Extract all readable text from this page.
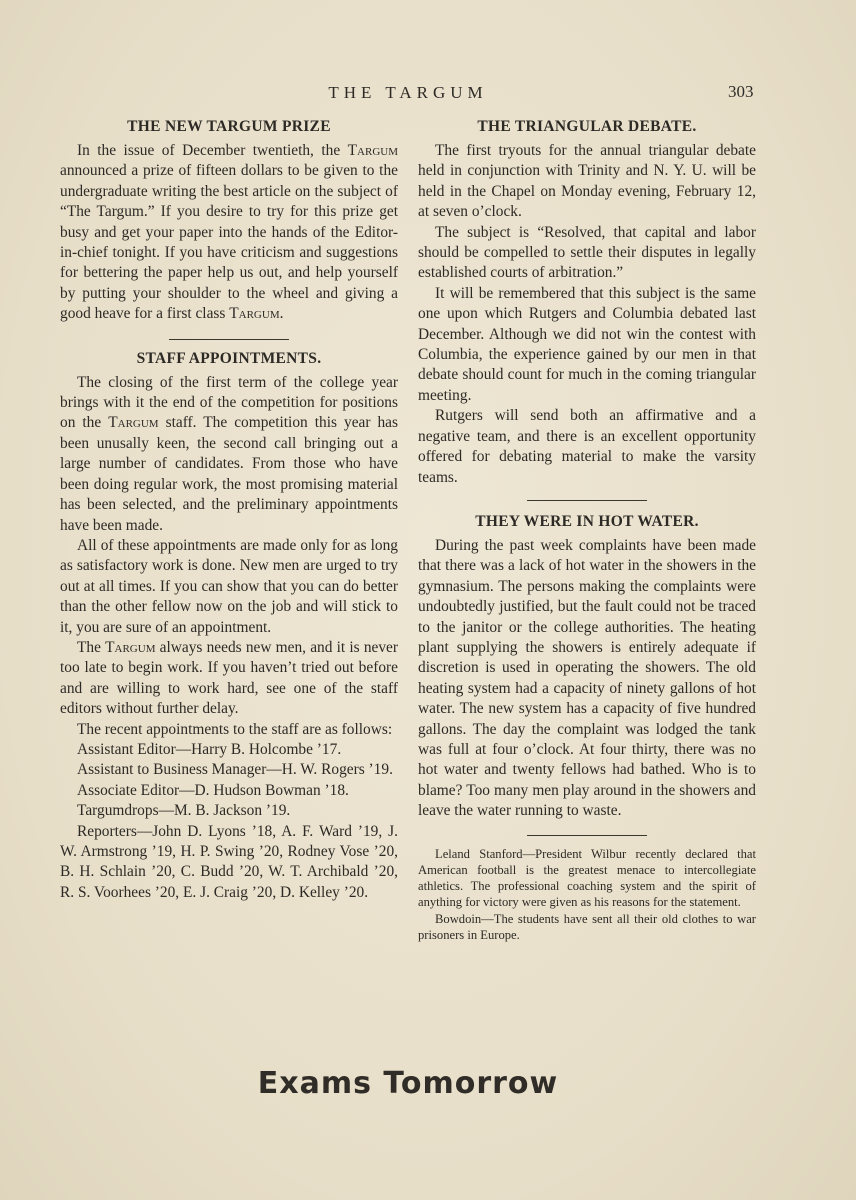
THE TARGUM	303
THE NEW TARGUM PRIZE

In the issue of December twentieth, the Targum announced a prize of fifteen dollars to be given to the undergraduate writing the best article on the subject of “The Targum.” If you desire to try for this prize get busy and get your paper into the hands of the Editor-in-chief tonight. If you have criticism and suggestions for bettering the paper help us out, and help yourself by putting your shoulder to the wheel and giving a good heave for a first class Targum.

STAFF APPOINTMENTS.

The closing of the first term of the college year brings with it the end of the competition for positions on the Targum staff. The competition this year has been unusally keen, the second call bringing out a large number of candidates. From those who have been doing regular work, the most promising material has been selected, and the preliminary appointments have been made.

All of these appointments are made only for as long as satisfactory work is done. New men are urged to try out at all times. If you can show that you can do better than the other fellow now on the job and will stick to it, you are sure of an appointment.

The Targum always needs new men, and it is never too late to begin work. If you haven’t tried out before and are willing to work hard, see one of the staff editors without further delay.

The recent appointments to the staff are as follows:

Assistant Editor—Harry B. Holcombe ’17.

Assistant to Business Manager—H. W. Rogers ’19.

Associate Editor—D. Hudson Bowman ’18.

Targumdrops—M. B. Jackson ’19.

Reporters—John D. Lyons ’18, A. F. Ward ’19, J. W. Armstrong ’19, H. P. Swing ’20, Rodney Vose ’20, B. H. Schlain ’20, C. Budd ’20, W. T. Archibald ’20, R. S. Voorhees ’20, E. J. Craig ’20, D. Kelley ’20.

THE TRIANGULAR DEBATE.

The first tryouts for the annual triangular debate held in conjunction with Trinity and N. Y. U. will be held in the Chapel on Monday evening, February 12, at seven o’clock.

The subject is “Resolved, that capital and labor should be compelled to settle their disputes in legally established courts of arbitration.”

It will be remembered that this subject is the same one upon which Rutgers and Columbia debated last December. Although we did not win the contest with Columbia, the experience gained by our men in that debate should count for much in the coming triangular meeting.

Rutgers will send both an affirmative and a negative team, and there is an excellent opportunity offered for debating material to make the varsity teams.

THEY WERE IN HOT WATER.

During the past week complaints have been made that there was a lack of hot water in the showers in the gymnasium. The persons making the complaints were undoubtedly justified, but the fault could not be traced to the janitor or the college authorities. The heating plant supplying the showers is entirely adequate if discretion is used in operating the showers. The old heating system had a capacity of ninety gallons of hot water. The new system has a capacity of five hundred gallons. The day the complaint was lodged the tank was full at four o’clock. At four thirty, there was no hot water and twenty fellows had bathed. Who is to blame? Too many men play around in the showers and leave the water running to waste.

Leland Stanford—President Wilbur recently declared that American football is the greatest menace to intercollegiate athletics. The professional coaching system and the spirit of anything for victory were given as his reasons for the statement.

Bowdoin—The students have sent all their old clothes to war prisoners in Europe.

Exams Tomorrow
